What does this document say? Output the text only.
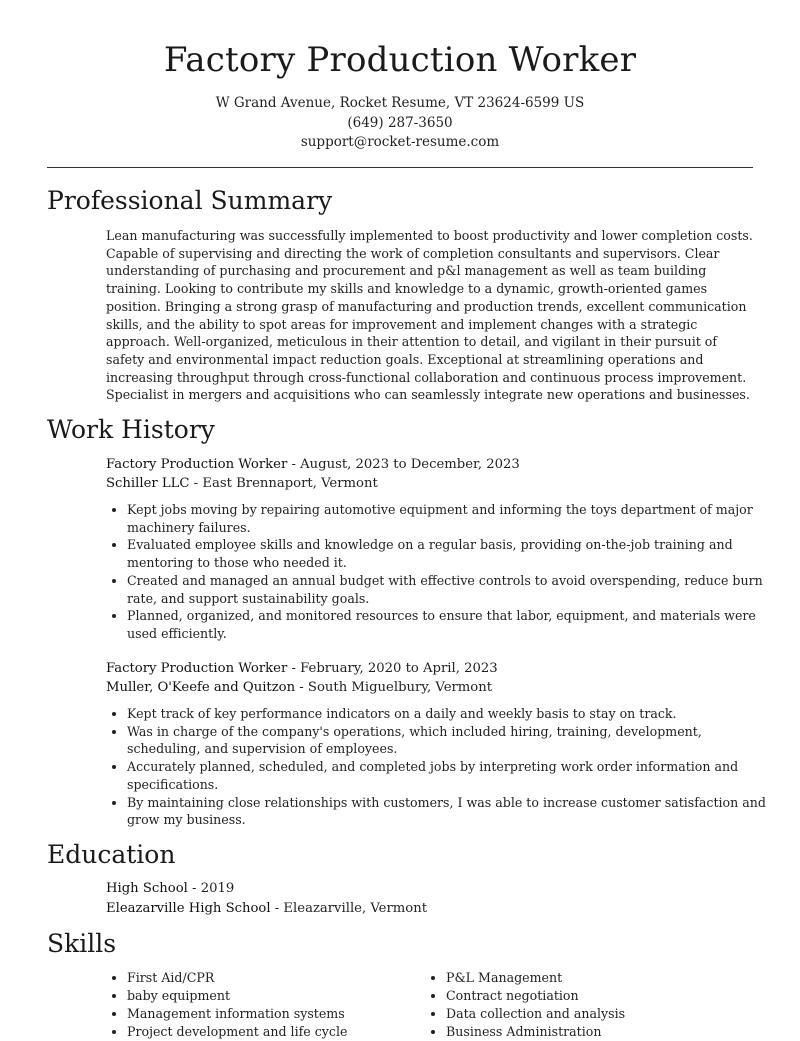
Factory Production Worker
W Grand Avenue, Rocket Resume, VT 23624-6599 US
(649) 287-3650
support@rocket-resume.com
Professional Summary
Lean manufacturing was successfully implemented to boost productivity and lower completion costs. Capable of supervising and directing the work of completion consultants and supervisors. Clear understanding of purchasing and procurement and p&l management as well as team building training. Looking to contribute my skills and knowledge to a dynamic, growth-oriented games position. Bringing a strong grasp of manufacturing and production trends, excellent communication skills, and the ability to spot areas for improvement and implement changes with a strategic approach. Well-organized, meticulous in their attention to detail, and vigilant in their pursuit of safety and environmental impact reduction goals. Exceptional at streamlining operations and increasing throughput through cross-functional collaboration and continuous process improvement. Specialist in mergers and acquisitions who can seamlessly integrate new operations and businesses.
Work History
Factory Production Worker - August, 2023 to December, 2023
Schiller LLC - East Brennaport, Vermont
• Kept jobs moving by repairing automotive equipment and informing the toys department of major machinery failures.
• Evaluated employee skills and knowledge on a regular basis, providing on-the-job training and mentoring to those who needed it.
• Created and managed an annual budget with effective controls to avoid overspending, reduce burn rate, and support sustainability goals.
• Planned, organized, and monitored resources to ensure that labor, equipment, and materials were used efficiently.
Factory Production Worker - February, 2020 to April, 2023
Muller, O'Keefe and Quitzon - South Miguelbury, Vermont
• Kept track of key performance indicators on a daily and weekly basis to stay on track.
• Was in charge of the company's operations, which included hiring, training, development, scheduling, and supervision of employees.
• Accurately planned, scheduled, and completed jobs by interpreting work order information and specifications.
• By maintaining close relationships with customers, I was able to increase customer satisfaction and grow my business.
Education
High School - 2019
Eleazarville High School - Eleazarville, Vermont
Skills
• First Aid/CPR
• baby equipment
• Management information systems
• Project development and life cycle
• P&L Management
• Contract negotiation
• Data collection and analysis
• Business Administration
